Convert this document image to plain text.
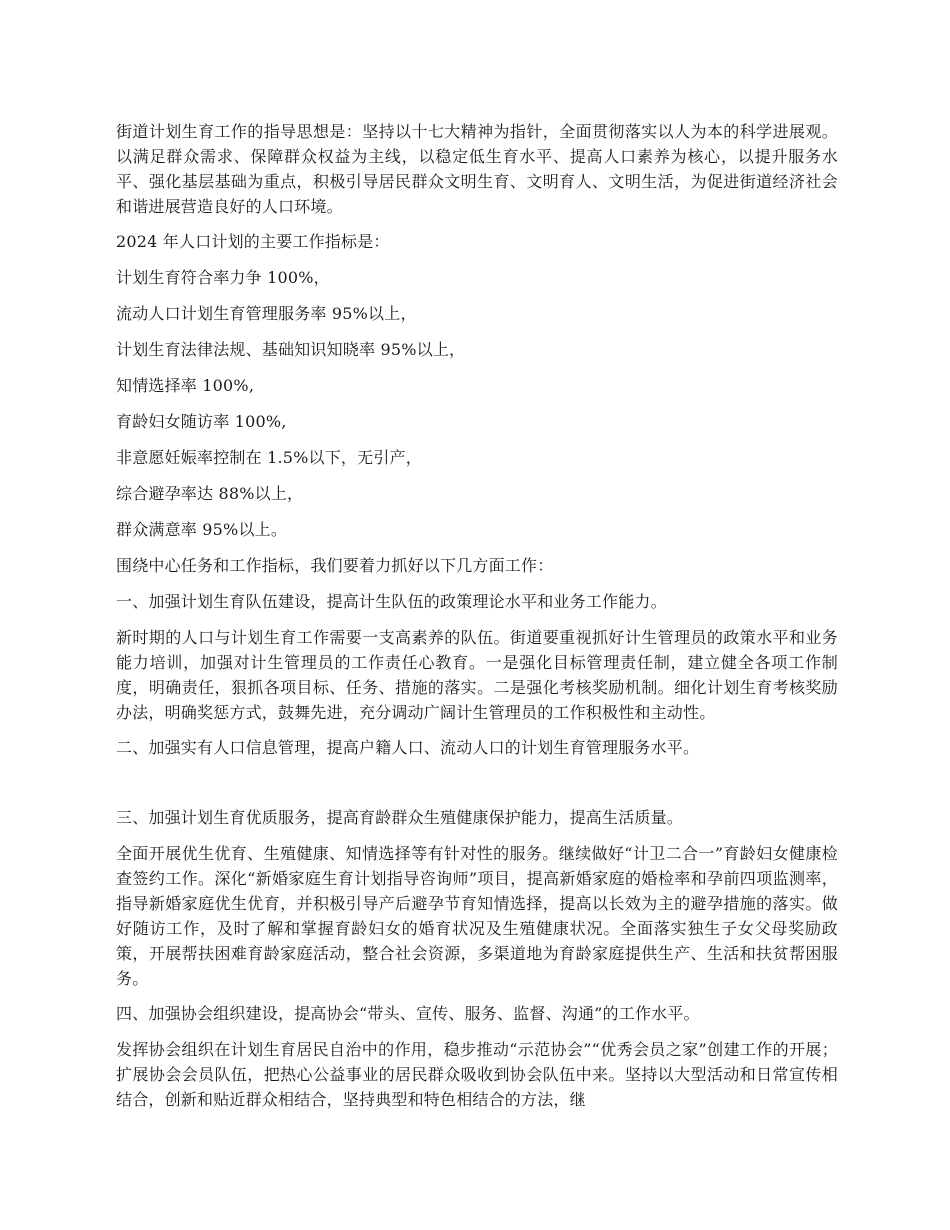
街道计划生育工作的指导思想是：坚持以十七大精神为指针，全面贯彻落实以人为本的科学进展观。以满足群众需求、保障群众权益为主线，以稳定低生育水平、提高人口素养为核心，以提升服务水平、强化基层基础为重点，积极引导居民群众文明生育、文明育人、文明生活，为促进街道经济社会和谐进展营造良好的人口环境。

2024 年人口计划的主要工作指标是：

计划生育符合率力争 100%，

流动人口计划生育管理服务率 95%以上，

计划生育法律法规、基础知识知晓率 95%以上，

知情选择率 100%,

育龄妇女随访率 100%,

非意愿妊娠率控制在 1.5%以下，无引产，

综合避孕率达 88%以上，

群众满意率 95%以上。

围绕中心任务和工作指标，我们要着力抓好以下几方面工作：

一、加强计划生育队伍建设，提高计生队伍的政策理论水平和业务工作能力。

新时期的人口与计划生育工作需要一支高素养的队伍。街道要重视抓好计生管理员的政策水平和业务能力培训，加强对计生管理员的工作责任心教育。一是强化目标管理责任制，建立健全各项工作制度，明确责任，狠抓各项目标、任务、措施的落实。二是强化考核奖励机制。细化计划生育考核奖励办法，明确奖惩方式，鼓舞先进，充分调动广阔计生管理员的工作积极性和主动性。

二、加强实有人口信息管理，提高户籍人口、流动人口的计划生育管理服务水平。

三、加强计划生育优质服务，提高育龄群众生殖健康保护能力，提高生活质量。

全面开展优生优育、生殖健康、知情选择等有针对性的服务。继续做好“计卫二合一”育龄妇女健康检查签约工作。深化“新婚家庭生育计划指导咨询师”项目，提高新婚家庭的婚检率和孕前四项监测率，指导新婚家庭优生优育，并积极引导产后避孕节育知情选择，提高以长效为主的避孕措施的落实。做好随访工作，及时了解和掌握育龄妇女的婚育状况及生殖健康状况。全面落实独生子女父母奖励政策，开展帮扶困难育龄家庭活动，整合社会资源，多渠道地为育龄家庭提供生产、生活和扶贫帮困服务。

四、加强协会组织建设，提高协会“带头、宣传、服务、监督、沟通”的工作水平。

发挥协会组织在计划生育居民自治中的作用，稳步推动“示范协会”“优秀会员之家”创建工作的开展；扩展协会会员队伍，把热心公益事业的居民群众吸收到协会队伍中来。坚持以大型活动和日常宣传相结合，创新和贴近群众相结合，坚持典型和特色相结合的方法，继
